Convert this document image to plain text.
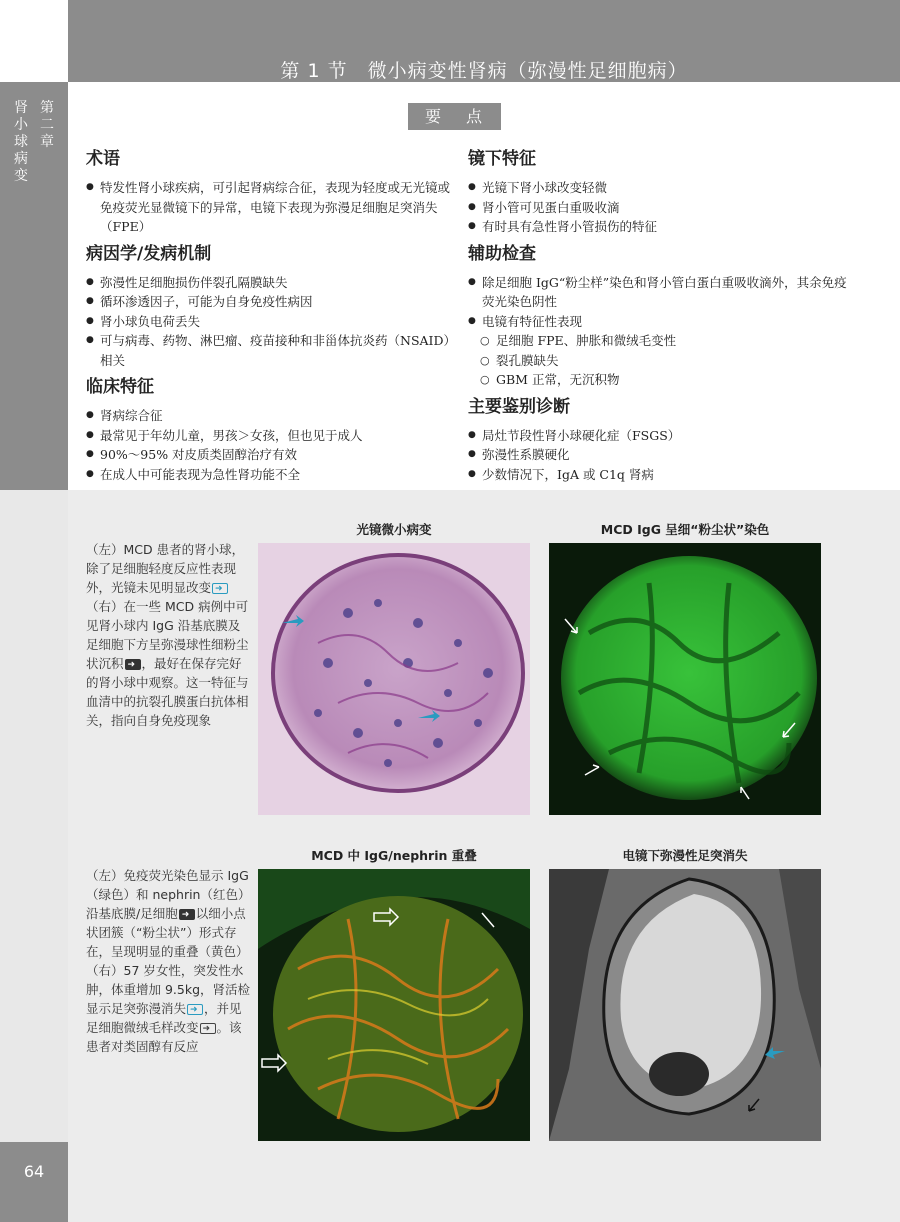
第 1 节　微小病变性肾病（弥漫性足细胞病）
第二章
肾小球病变
64
要 点
术语
● 特发性肾小球疾病，可引起肾病综合征，表现为轻度或无光镜或免疫荧光显微镜下的异常，电镜下表现为弥漫足细胞足突消失（FPE）
病因学/发病机制
● 弥漫性足细胞损伤伴裂孔隔膜缺失
● 循环渗透因子，可能为自身免疫性病因
● 肾小球负电荷丢失
● 可与病毒、药物、淋巴瘤、疫苗接种和非甾体抗炎药（NSAID）相关
临床特征
● 肾病综合征
● 最常见于年幼儿童，男孩＞女孩，但也见于成人
● 90%～95% 对皮质类固醇治疗有效
● 在成人中可能表现为急性肾功能不全
镜下特征
● 光镜下肾小球改变轻微
● 肾小管可见蛋白重吸收滴
● 有时具有急性肾小管损伤的特征
辅助检查
● 除足细胞 IgG“粉尘样”染色和肾小管白蛋白重吸收滴外，其余免疫荧光染色阴性
● 电镜有特征性表现
○ 足细胞 FPE、肿胀和微绒毛变性
○ 裂孔膜缺失
○ GBM 正常，无沉积物
主要鉴别诊断
● 局灶节段性肾小球硬化症（FSGS）
● 弥漫性系膜硬化
● 少数情况下，IgA 或 C1q 肾病
光镜微小病变	MCD IgG 呈细“粉尘状”染色
MCD 中 IgG/nephrin 重叠	电镜下弥漫性足突消失
（左）MCD 患者的肾小球，除了足细胞轻度反应性表现外，光镜未见明显改变➜
（右）在一些 MCD 病例中可见肾小球内 IgG 沿基底膜及足细胞下方呈弥漫球性细粉尘状沉积 ➜ ，最好在保存完好的肾小球中观察。这一特征与血清中的抗裂孔膜蛋白抗体相关，指向自身免疫现象
（左）免疫荧光染色显示 IgG（绿色）和 nephrin（红色）沿基底膜/足细胞 ➜ 以细小点状团簇（“粉尘状”）形式存在，呈现明显的重叠（黄色）
（右）57 岁女性，突发性水肿，体重增加 9.5kg，肾活检显示足突弥漫消失 ➜ ，并见足细胞微绒毛样改变 ➜ 。该患者对类固醇有反应
